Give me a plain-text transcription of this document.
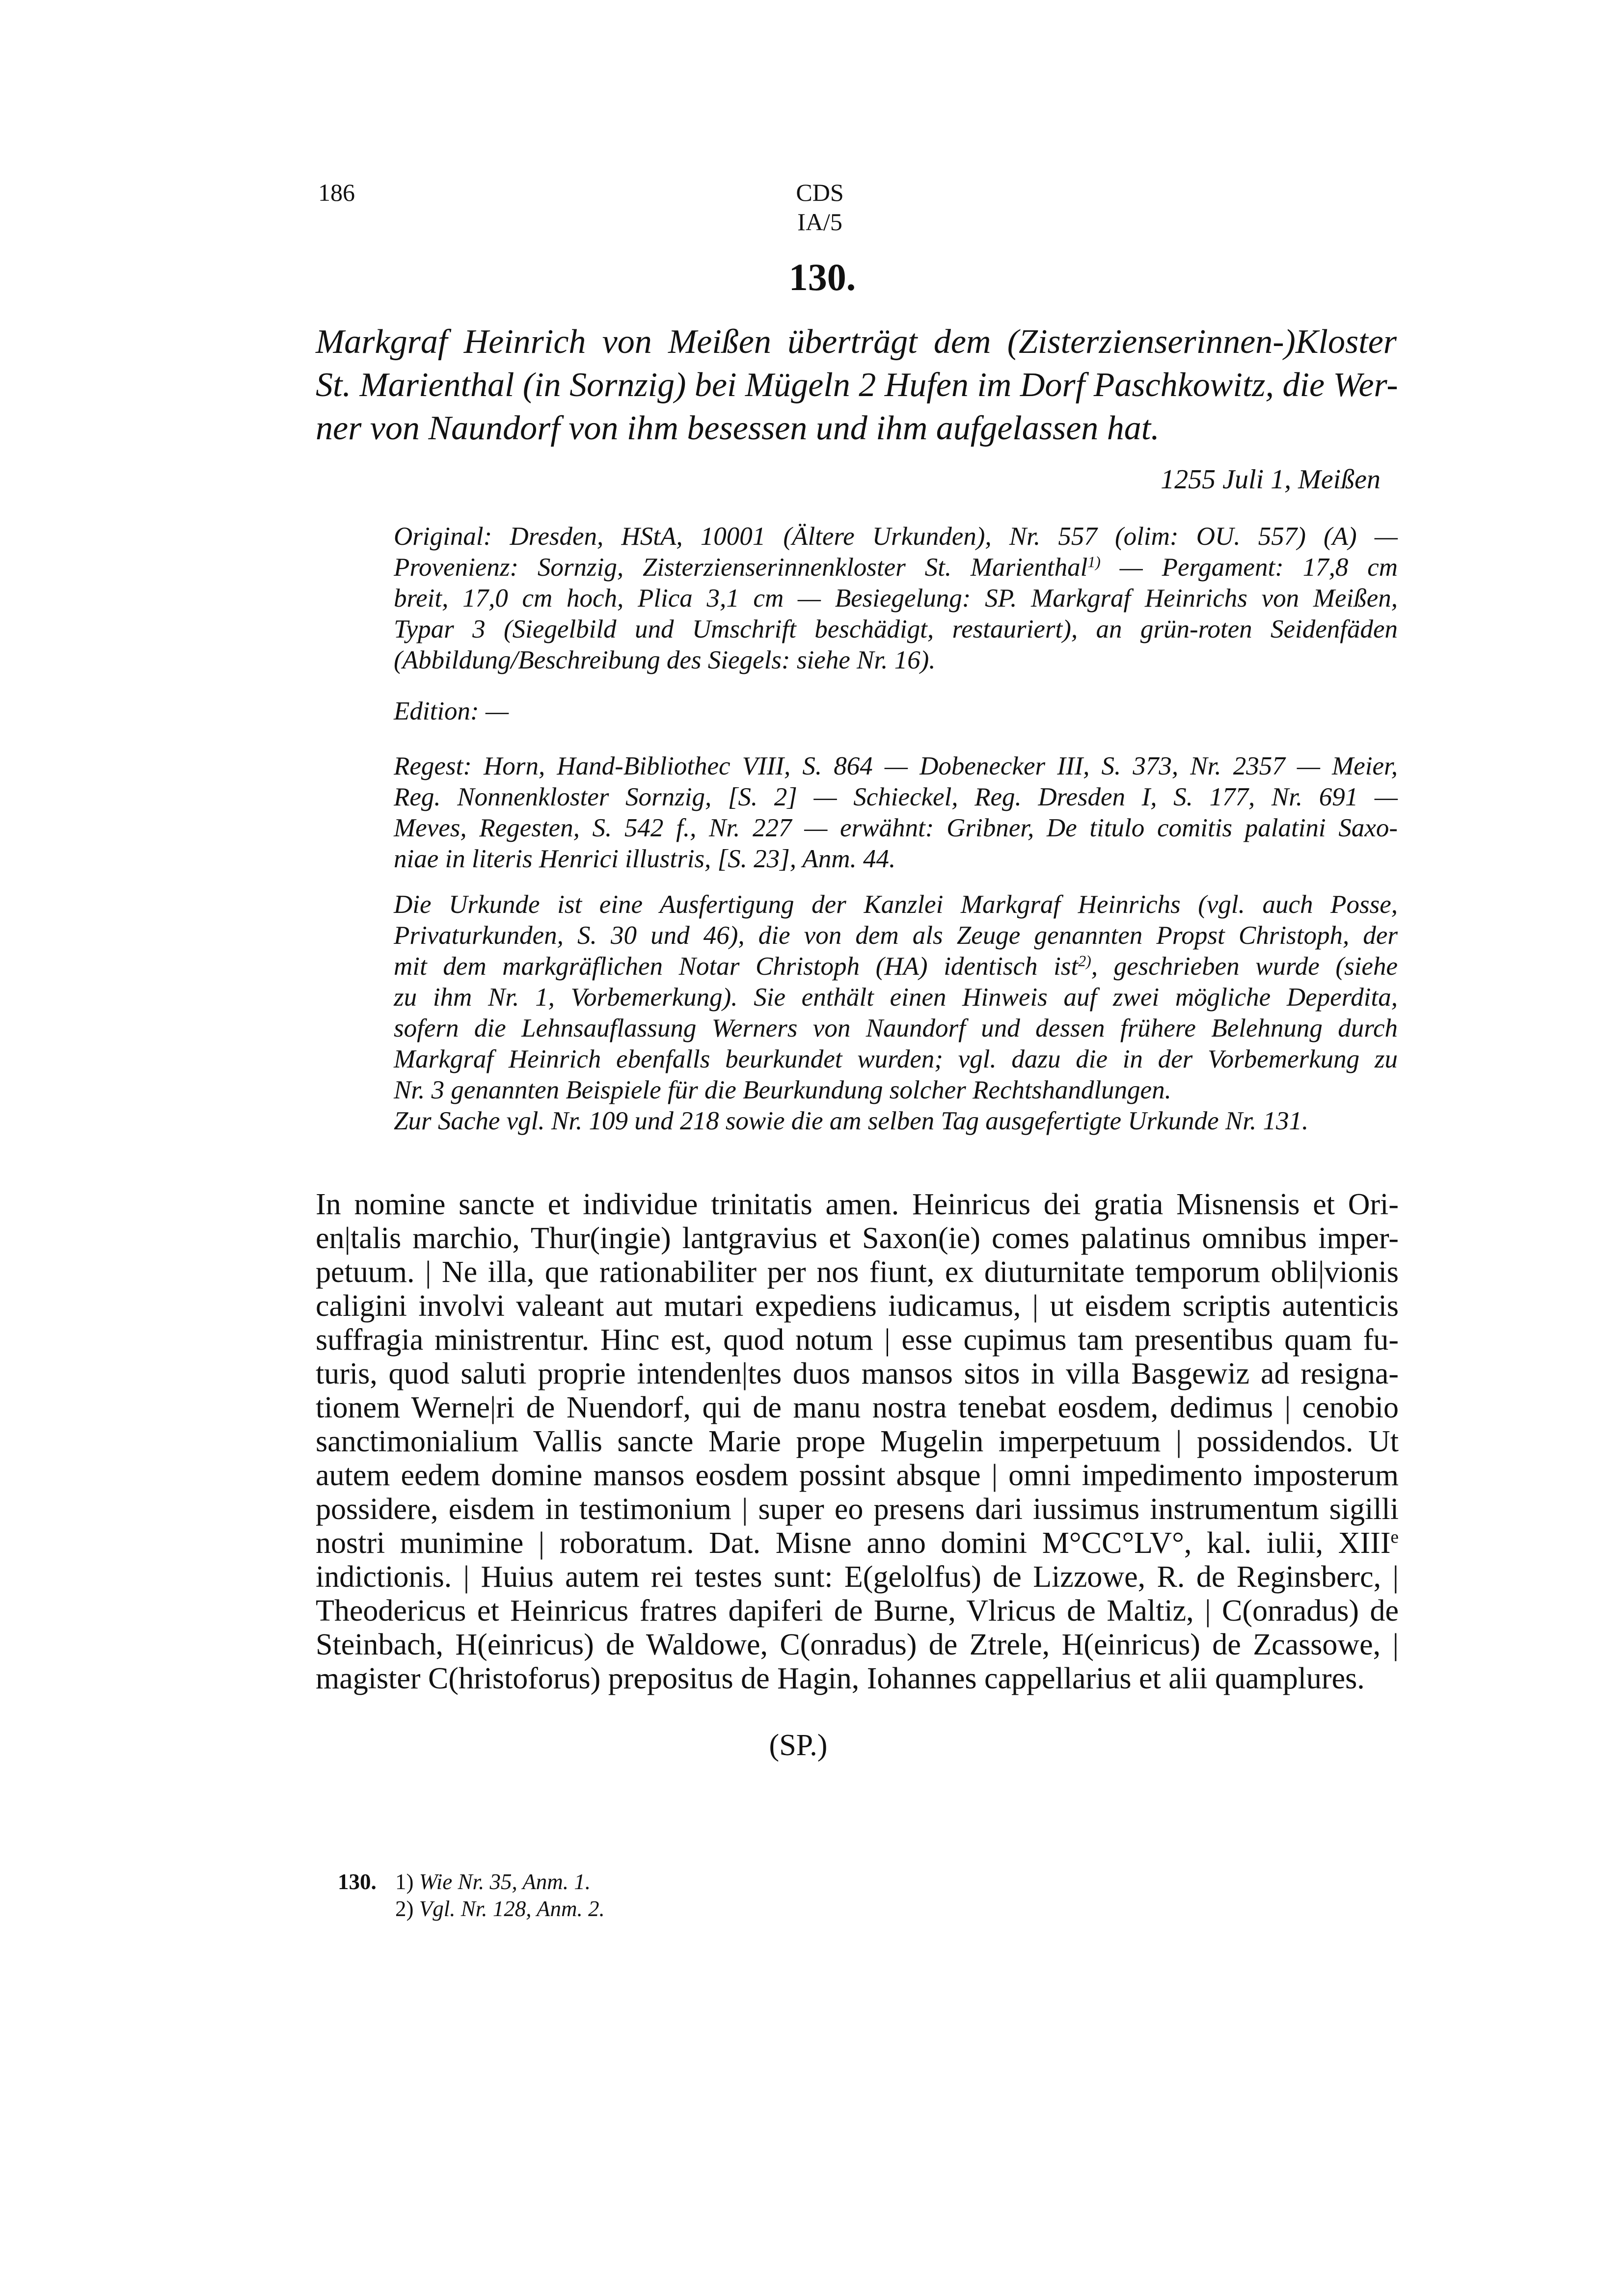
186	CDS IA/5
130.
Markgraf Heinrich von Meißen überträgt dem (Zisterzienserinnen-)Kloster
St. Marienthal (in Sornzig) bei Mügeln 2 Hufen im Dorf Paschkowitz, die Wer-
ner von Naundorf von ihm besessen und ihm aufgelassen hat.
1255 Juli 1, Meißen
Original: Dresden, HStA, 10001 (Ältere Urkunden), Nr. 557 (olim: OU. 557) (A) —
Provenienz: Sornzig, Zisterzienserinnenkloster St. Marienthal$^{1)}$ — Pergament: 17,8 cm
breit, 17,0 cm hoch, Plica 3,1 cm — Besiegelung: SP. Markgraf Heinrichs von Meißen,
Typar 3 (Siegelbild und Umschrift beschädigt, restauriert), an grün-roten Seidenfäden
(Abbildung/Beschreibung des Siegels: siehe Nr. 16).
Edition: —
Regest: Horn, Hand-Bibliothec VIII, S. 864 — Dobenecker III, S. 373, Nr. 2357 — Meier,
Reg. Nonnenkloster Sornzig, [S. 2] — Schieckel, Reg. Dresden I, S. 177, Nr. 691 —
Meves, Regesten, S. 542 f., Nr. 227 — erwähnt: Gribner, De titulo comitis palatini Saxo-
niae in literis Henrici illustris, [S. 23], Anm. 44.
Die Urkunde ist eine Ausfertigung der Kanzlei Markgraf Heinrichs (vgl. auch Posse,
Privaturkunden, S. 30 und 46), die von dem als Zeuge genannten Propst Christoph, der
mit dem markgräflichen Notar Christoph (HA) identisch ist$^{2)}$, geschrieben wurde (siehe
zu ihm Nr. 1, Vorbemerkung). Sie enthält einen Hinweis auf zwei mögliche Deperdita,
sofern die Lehnsauflassung Werners von Naundorf und dessen frühere Belehnung durch
Markgraf Heinrich ebenfalls beurkundet wurden; vgl. dazu die in der Vorbemerkung zu
Nr. 3 genannten Beispiele für die Beurkundung solcher Rechtshandlungen.
Zur Sache vgl. Nr. 109 und 218 sowie die am selben Tag ausgefertigte Urkunde Nr. 131.
In nomine sancte et individue trinitatis amen. Heinricus dei gratia Misnensis et Ori-
en|talis marchio, Thur(ingie) lantgravius et Saxon(ie) comes palatinus omnibus imper-
petuum. | Ne illa, que rationabiliter per nos fiunt, ex diuturnitate temporum obli|vionis
caligini involvi valeant aut mutari expediens iudicamus, | ut eisdem scriptis autenticis
suffragia ministrentur. Hinc est, quod notum | esse cupimus tam presentibus quam fu-
turis, quod saluti proprie intenden|tes duos mansos sitos in villa Basgewiz ad resigna-
tionem Werne|ri de Nuendorf, qui de manu nostra tenebat eosdem, dedimus | cenobio
sanctimonialium Vallis sancte Marie prope Mugelin imperpetuum | possidendos. Ut
autem eedem domine mansos eosdem possint absque | omni impedimento imposterum
possidere, eisdem in testimonium | super eo presens dari iussimus instrumentum sigilli
nostri munimine | roboratum. Dat. Misne anno domini M°CC°LV°, kal. iulii, XIIIe
indictionis. | Huius autem rei testes sunt: E(gelolfus) de Lizzowe, R. de Reginsberc, |
Theodericus et Heinricus fratres dapiferi de Burne, Vlricus de Maltiz, | C(onradus) de
Steinbach, H(einricus) de Waldowe, C(onradus) de Ztrele, H(einricus) de Zcassowe, |
magister C(hristoforus) prepositus de Hagin, Iohannes cappellarius et alii quamplures.
(SP.)
130. 1) Wie Nr. 35, Anm. 1.
2) Vgl. Nr. 128, Anm. 2.
